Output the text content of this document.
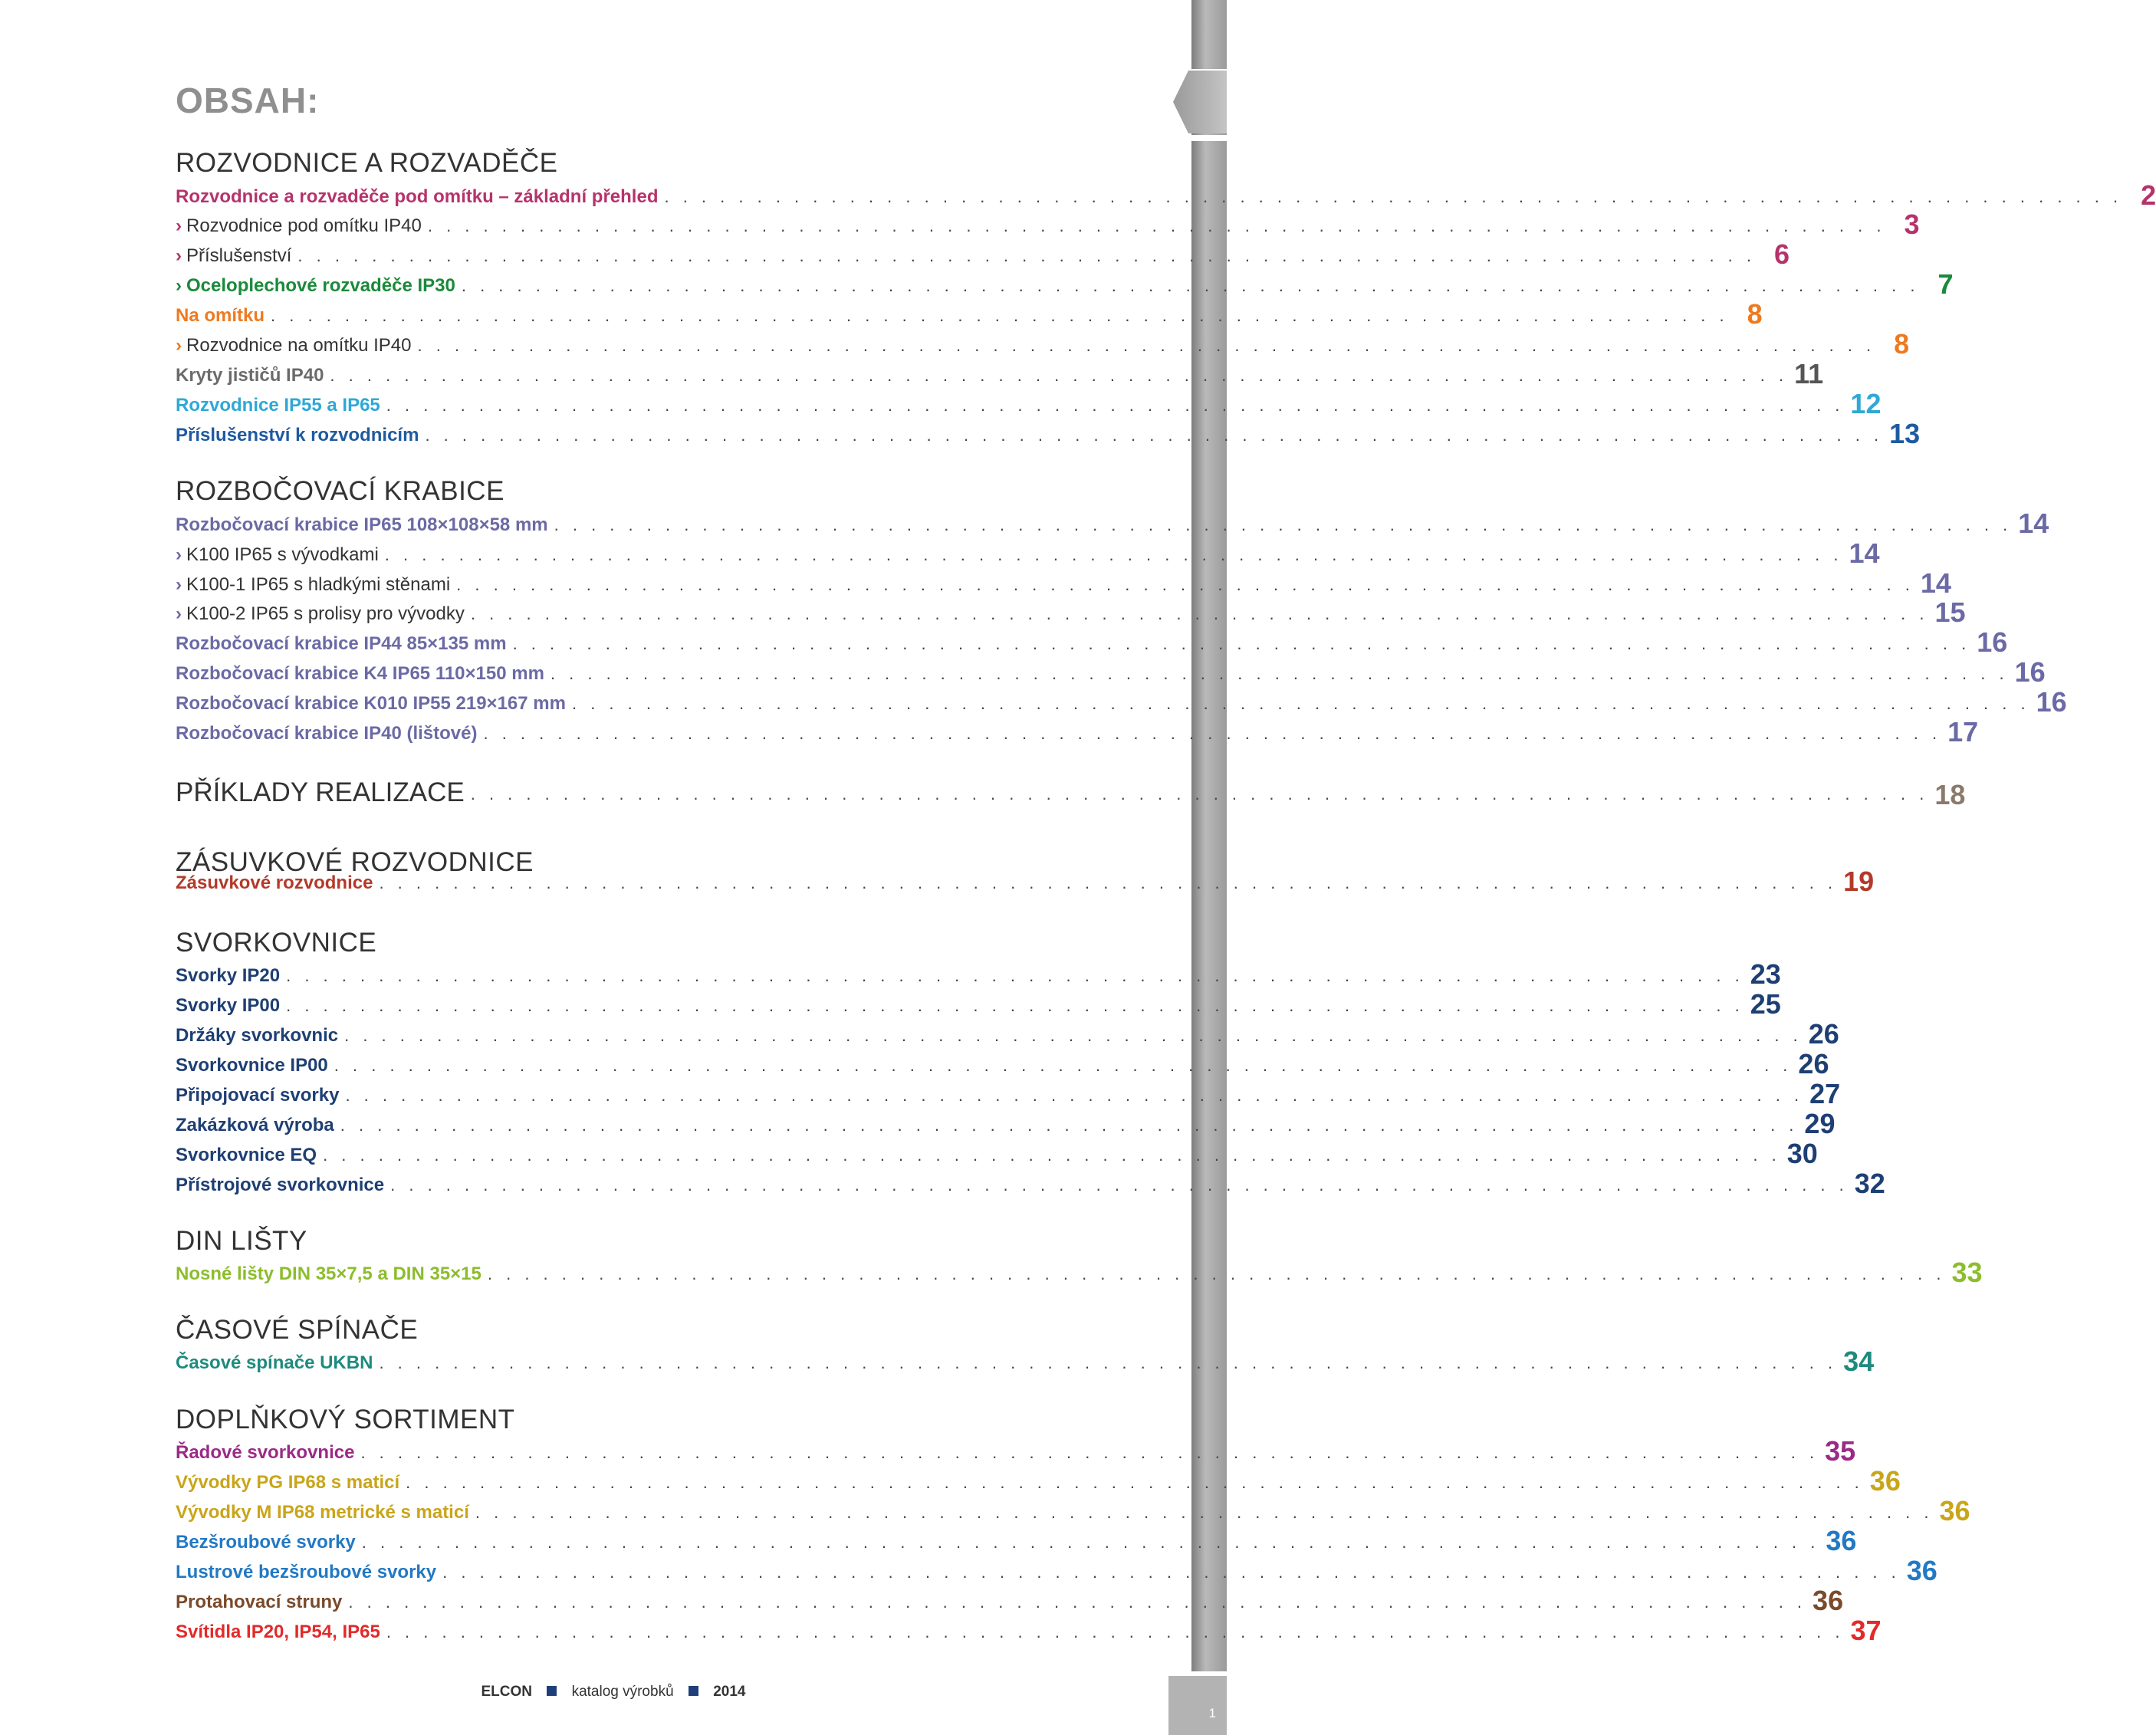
1
OBSAH:
ROZVODNICE A ROZVADĚČE
ROZBOČOVACÍ KRABICE
ZÁSUVKOVÉ ROZVODNICE
SVORKOVNICE
DIN LIŠTY
ČASOVÉ SPÍNAČE
DOPLŇKOVÝ SORTIMENT
PŘÍKLADY REALIZACE . . . . . . . . . . . . . . . . . . . . . . . . . . . . . . . . . . . . . . . . . . . . . . . . . . . . . . . . . . . . . . . . . . . . . . . . . . . . . . . 18
Rozvodnice a rozvaděče pod omítku – základní přehled . . . . . . . . . . . . . . . . . . . . . . . . . . . . . . . . . . . . . . . . . . . . . . . . . . . . . . . . . . . . . . . . . . . . . . . . . . . . . . . 2
› Rozvodnice pod omítku IP40 . . . . . . . . . . . . . . . . . . . . . . . . . . . . . . . . . . . . . . . . . . . . . . . . . . . . . . . . . . . . . . . . . . . . . . . . . . . . . . . 3
› Příslušenství . . . . . . . . . . . . . . . . . . . . . . . . . . . . . . . . . . . . . . . . . . . . . . . . . . . . . . . . . . . . . . . . . . . . . . . . . . . . . . . 6
› Oceloplechové rozvaděče IP30 . . . . . . . . . . . . . . . . . . . . . . . . . . . . . . . . . . . . . . . . . . . . . . . . . . . . . . . . . . . . . . . . . . . . . . . . . . . . . . . 7
Na omítku . . . . . . . . . . . . . . . . . . . . . . . . . . . . . . . . . . . . . . . . . . . . . . . . . . . . . . . . . . . . . . . . . . . . . . . . . . . . . . . 8
› Rozvodnice na omítku IP40 . . . . . . . . . . . . . . . . . . . . . . . . . . . . . . . . . . . . . . . . . . . . . . . . . . . . . . . . . . . . . . . . . . . . . . . . . . . . . . . 8
Kryty jističů IP40 . . . . . . . . . . . . . . . . . . . . . . . . . . . . . . . . . . . . . . . . . . . . . . . . . . . . . . . . . . . . . . . . . . . . . . . . . . . . . . . 11
Rozvodnice IP55 a IP65 . . . . . . . . . . . . . . . . . . . . . . . . . . . . . . . . . . . . . . . . . . . . . . . . . . . . . . . . . . . . . . . . . . . . . . . . . . . . . . . 12
Příslušenství k rozvodnicím . . . . . . . . . . . . . . . . . . . . . . . . . . . . . . . . . . . . . . . . . . . . . . . . . . . . . . . . . . . . . . . . . . . . . . . . . . . . . . . 13
Rozbočovací krabice IP65 108×108×58 mm . . . . . . . . . . . . . . . . . . . . . . . . . . . . . . . . . . . . . . . . . . . . . . . . . . . . . . . . . . . . . . . . . . . . . . . . . . . . . . . 14
› K100 IP65 s vývodkami . . . . . . . . . . . . . . . . . . . . . . . . . . . . . . . . . . . . . . . . . . . . . . . . . . . . . . . . . . . . . . . . . . . . . . . . . . . . . . . 14
› K100-1 IP65 s hladkými stěnami . . . . . . . . . . . . . . . . . . . . . . . . . . . . . . . . . . . . . . . . . . . . . . . . . . . . . . . . . . . . . . . . . . . . . . . . . . . . . . . 14
› K100-2 IP65 s prolisy pro vývodky . . . . . . . . . . . . . . . . . . . . . . . . . . . . . . . . . . . . . . . . . . . . . . . . . . . . . . . . . . . . . . . . . . . . . . . . . . . . . . . 15
Rozbočovací krabice IP44 85×135 mm . . . . . . . . . . . . . . . . . . . . . . . . . . . . . . . . . . . . . . . . . . . . . . . . . . . . . . . . . . . . . . . . . . . . . . . . . . . . . . . 16
Rozbočovací krabice K4 IP65 110×150 mm . . . . . . . . . . . . . . . . . . . . . . . . . . . . . . . . . . . . . . . . . . . . . . . . . . . . . . . . . . . . . . . . . . . . . . . . . . . . . . . 16
Rozbočovací krabice K010 IP55 219×167 mm . . . . . . . . . . . . . . . . . . . . . . . . . . . . . . . . . . . . . . . . . . . . . . . . . . . . . . . . . . . . . . . . . . . . . . . . . . . . . . . 16
Rozbočovací krabice IP40 (lištové) . . . . . . . . . . . . . . . . . . . . . . . . . . . . . . . . . . . . . . . . . . . . . . . . . . . . . . . . . . . . . . . . . . . . . . . . . . . . . . . 17
Zásuvkové rozvodnice . . . . . . . . . . . . . . . . . . . . . . . . . . . . . . . . . . . . . . . . . . . . . . . . . . . . . . . . . . . . . . . . . . . . . . . . . . . . . . . 19
Svorky IP20 . . . . . . . . . . . . . . . . . . . . . . . . . . . . . . . . . . . . . . . . . . . . . . . . . . . . . . . . . . . . . . . . . . . . . . . . . . . . . . . 23
Svorky IP00 . . . . . . . . . . . . . . . . . . . . . . . . . . . . . . . . . . . . . . . . . . . . . . . . . . . . . . . . . . . . . . . . . . . . . . . . . . . . . . . 25
Držáky svorkovnic . . . . . . . . . . . . . . . . . . . . . . . . . . . . . . . . . . . . . . . . . . . . . . . . . . . . . . . . . . . . . . . . . . . . . . . . . . . . . . . 26
Svorkovnice IP00 . . . . . . . . . . . . . . . . . . . . . . . . . . . . . . . . . . . . . . . . . . . . . . . . . . . . . . . . . . . . . . . . . . . . . . . . . . . . . . . 26
Připojovací svorky . . . . . . . . . . . . . . . . . . . . . . . . . . . . . . . . . . . . . . . . . . . . . . . . . . . . . . . . . . . . . . . . . . . . . . . . . . . . . . . 27
Zakázková výroba . . . . . . . . . . . . . . . . . . . . . . . . . . . . . . . . . . . . . . . . . . . . . . . . . . . . . . . . . . . . . . . . . . . . . . . . . . . . . . . 29
Svorkovnice EQ . . . . . . . . . . . . . . . . . . . . . . . . . . . . . . . . . . . . . . . . . . . . . . . . . . . . . . . . . . . . . . . . . . . . . . . . . . . . . . . 30
Přístrojové svorkovnice . . . . . . . . . . . . . . . . . . . . . . . . . . . . . . . . . . . . . . . . . . . . . . . . . . . . . . . . . . . . . . . . . . . . . . . . . . . . . . . 32
Nosné lišty DIN 35×7,5 a DIN 35×15 . . . . . . . . . . . . . . . . . . . . . . . . . . . . . . . . . . . . . . . . . . . . . . . . . . . . . . . . . . . . . . . . . . . . . . . . . . . . . . . 33
Časové spínače UKBN . . . . . . . . . . . . . . . . . . . . . . . . . . . . . . . . . . . . . . . . . . . . . . . . . . . . . . . . . . . . . . . . . . . . . . . . . . . . . . . 34
Řadové svorkovnice . . . . . . . . . . . . . . . . . . . . . . . . . . . . . . . . . . . . . . . . . . . . . . . . . . . . . . . . . . . . . . . . . . . . . . . . . . . . . . . 35
Vývodky PG IP68 s maticí . . . . . . . . . . . . . . . . . . . . . . . . . . . . . . . . . . . . . . . . . . . . . . . . . . . . . . . . . . . . . . . . . . . . . . . . . . . . . . . 36
Vývodky M IP68 metrické s maticí . . . . . . . . . . . . . . . . . . . . . . . . . . . . . . . . . . . . . . . . . . . . . . . . . . . . . . . . . . . . . . . . . . . . . . . . . . . . . . . 36
Bezšroubové svorky . . . . . . . . . . . . . . . . . . . . . . . . . . . . . . . . . . . . . . . . . . . . . . . . . . . . . . . . . . . . . . . . . . . . . . . . . . . . . . . 36
Lustrové bezšroubové svorky . . . . . . . . . . . . . . . . . . . . . . . . . . . . . . . . . . . . . . . . . . . . . . . . . . . . . . . . . . . . . . . . . . . . . . . . . . . . . . . 36
Protahovací struny . . . . . . . . . . . . . . . . . . . . . . . . . . . . . . . . . . . . . . . . . . . . . . . . . . . . . . . . . . . . . . . . . . . . . . . . . . . . . . . 36
Svítidla IP20, IP54, IP65 . . . . . . . . . . . . . . . . . . . . . . . . . . . . . . . . . . . . . . . . . . . . . . . . . . . . . . . . . . . . . . . . . . . . . . . . . . . . . . . 37
ELCON	katalog výrobků	2014
